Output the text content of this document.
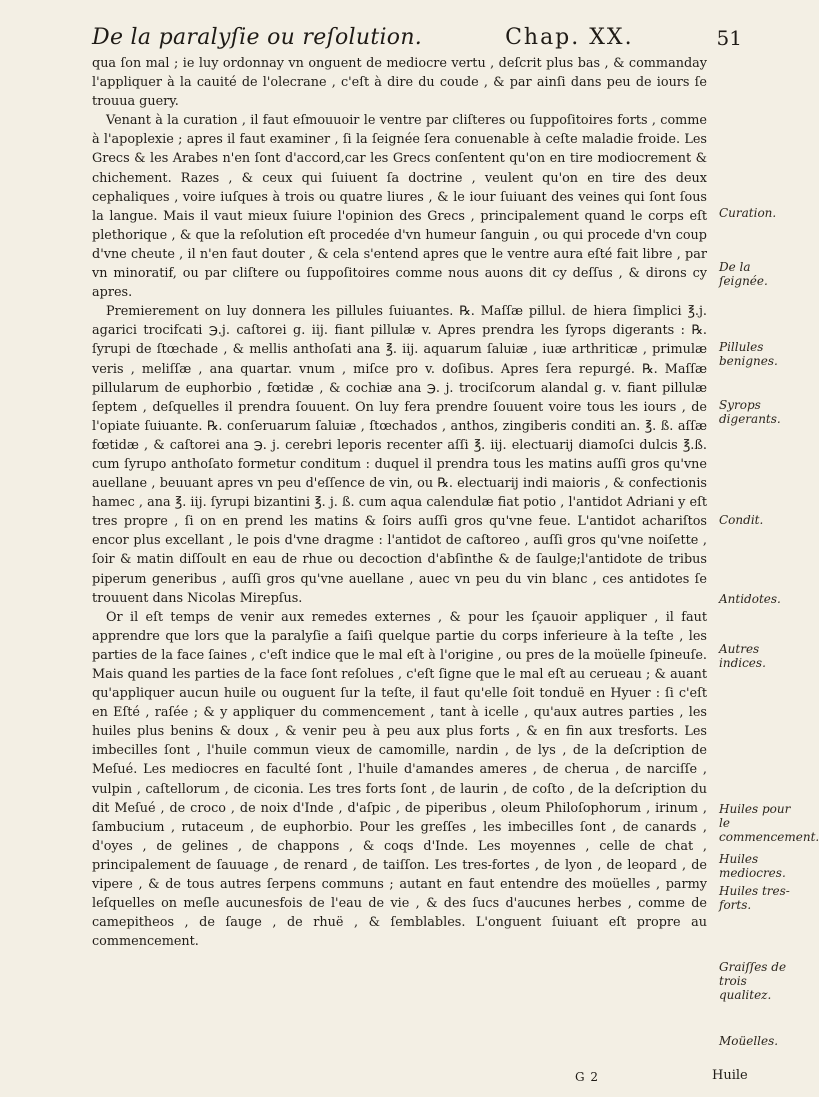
De la paralyſie ou reſolution.	Chap. XX.	51

qua ſon mal ; ie luy ordonnay vn onguent de mediocre vertu , deſcrit plus bas , & commanday l'appliquer à la cauité de l'olecrane , c'eſt à dire du coude , & par ainſi dans peu de iours ſe trouua guery.

Venant à la curation , il faut eſmouuoir le ventre par cliſteres ou ſuppoſitoires forts , comme à l'apoplexie ; apres il faut examiner , ſi la ſeignée ſera conuenable à ceſte maladie froide. Les Grecs & les Arabes n'en ſont d'accord,car les Grecs conſentent qu'on en tire modiocrement & chichement. Razes , & ceux qui ſuiuent ſa doctrine , veulent qu'on en tire des deux cephaliques , voire iuſques à trois ou quatre liures , & le iour ſuiuant des veines qui ſont ſous la langue. Mais il vaut mieux ſuiure l'opinion des Grecs , principalement quand le corps eſt plethorique , & que la reſolution eſt procedée d'vn humeur ſanguin , ou qui procede d'vn coup d'vne cheute , il n'en faut douter , & cela s'entend apres que le ventre aura eſté fait libre , par vn minoratif, ou par cliſtere ou ſuppoſitoires comme nous auons dit cy deſſus , & dirons cy apres.

Premierement on luy donnera les pillules ſuiuantes. ℞. Maſſæ pillul. de hiera ſimplici ℥.j. agarici trocifcati ℈.j. caſtorei g. iij. fiant pillulæ v. Apres prendra les ſyrops digerants : ℞. ſyrupi de ſtœchade , & mellis anthoſati ana ℥. iij. aquarum ſaluiæ , iuæ arthriticæ , primulæ veris , meliſſæ , ana quartar. vnum , miſce pro v. doſibus. Apres ſera repurgé. ℞. Maſſæ pillularum de euphorbio , fœtidæ , & cochiæ ana ℈. j. trociſcorum alandal g. v. fiant pillulæ ſeptem , deſquelles il prendra ſouuent. On luy fera prendre ſouuent voire tous les iours , de l'opiate ſuiuante. ℞. conſeruarum ſaluiæ , ſtœchados , anthos, zingiberis conditi an. ℥. ß. aſſæ fœtidæ , & caſtorei ana ℈. j. cerebri leporis recenter aſſi ℥. iij. electuarij diamoſci dulcis ℥.ß. cum ſyrupo anthoſato formetur conditum : duquel il prendra tous les matins auſſi gros qu'vne auellane , beuuant apres vn peu d'eſſence de vin, ou ℞. electuarij indi maioris , & confectionis hamec , ana ℥. iij. ſyrupi bizantini ℥. j. ß. cum aqua calendulæ fiat potio , l'antidot Adriani y eſt tres propre , ſi on en prend les matins & ſoirs auſſi gros qu'vne feue. L'antidot achariſtos encor plus excellant , le pois d'vne dragme : l'antidot de caſtoreo , auſſi gros qu'vne noiſette , ſoir & matin diſſoult en eau de rhue ou decoction d'abſinthe & de ſaulge;l'antidote de tribus piperum generibus , auſſi gros qu'vne auellane , auec vn peu du vin blanc , ces antidotes ſe trouuent dans Nicolas Mirepſus.

Or il eſt temps de venir aux remedes externes , & pour les ſçauoir appliquer , il faut apprendre que lors que la paralyſie a ſaiſi quelque partie du corps inferieure à la teſte , les parties de la face ſaines , c'eſt indice que le mal eſt à l'origine , ou pres de la moüelle ſpineuſe. Mais quand les parties de la face ſont reſolues , c'eſt ſigne que le mal eſt au cerueau ; & auant qu'appliquer aucun huile ou ouguent ſur la teſte, il faut qu'elle ſoit tonduë en Hyuer : ſi c'eſt en Eſté , raſée ; & y appliquer du commencement , tant à icelle , qu'aux autres parties , les huiles plus benins & doux , & venir peu à peu aux plus forts , & en fin aux tresforts. Les imbecilles ſont , l'huile commun vieux de camomille, nardin , de lys , de la deſcription de Meſué. Les mediocres en faculté ſont , l'huile d'amandes ameres , de cherua , de narciſſe , vulpin , caſtellorum , de ciconia. Les tres forts ſont , de laurin , de coſto , de la deſcription du dit Meſué , de croco , de noix d'Inde , d'aſpic , de piperibus , oleum Philoſophorum , irinum , ſambucium , rutaceum , de euphorbio. Pour les greſſes , les imbecilles ſont , de canards , d'oyes , de gelines , de chappons , & coqs d'Inde. Les moyennes , celle de chat , principalement de ſauuage , de renard , de taiſſon. Les tres-fortes , de lyon , de leopard , de vipere , & de tous autres ſerpens communs ; autant en faut entendre des moüelles , parmy leſquelles on meſle aucunesfois de l'eau de vie , & des ſucs d'aucunes herbes , comme de camepitheos , de ſauge , de rhuë , & ſemblables. L'onguent ſuiuant eſt propre au commencement.

Curation.
De la ſeignée.
Pillules benignes.
Syrops digerants.
Condit.
Antidotes.
Autres indices.
Huiles pour le commencement.
Huiles mediocres.
Huiles tres-forts.
Graiſſes de trois qualitez.
Moüelles.
G 2	Huile
